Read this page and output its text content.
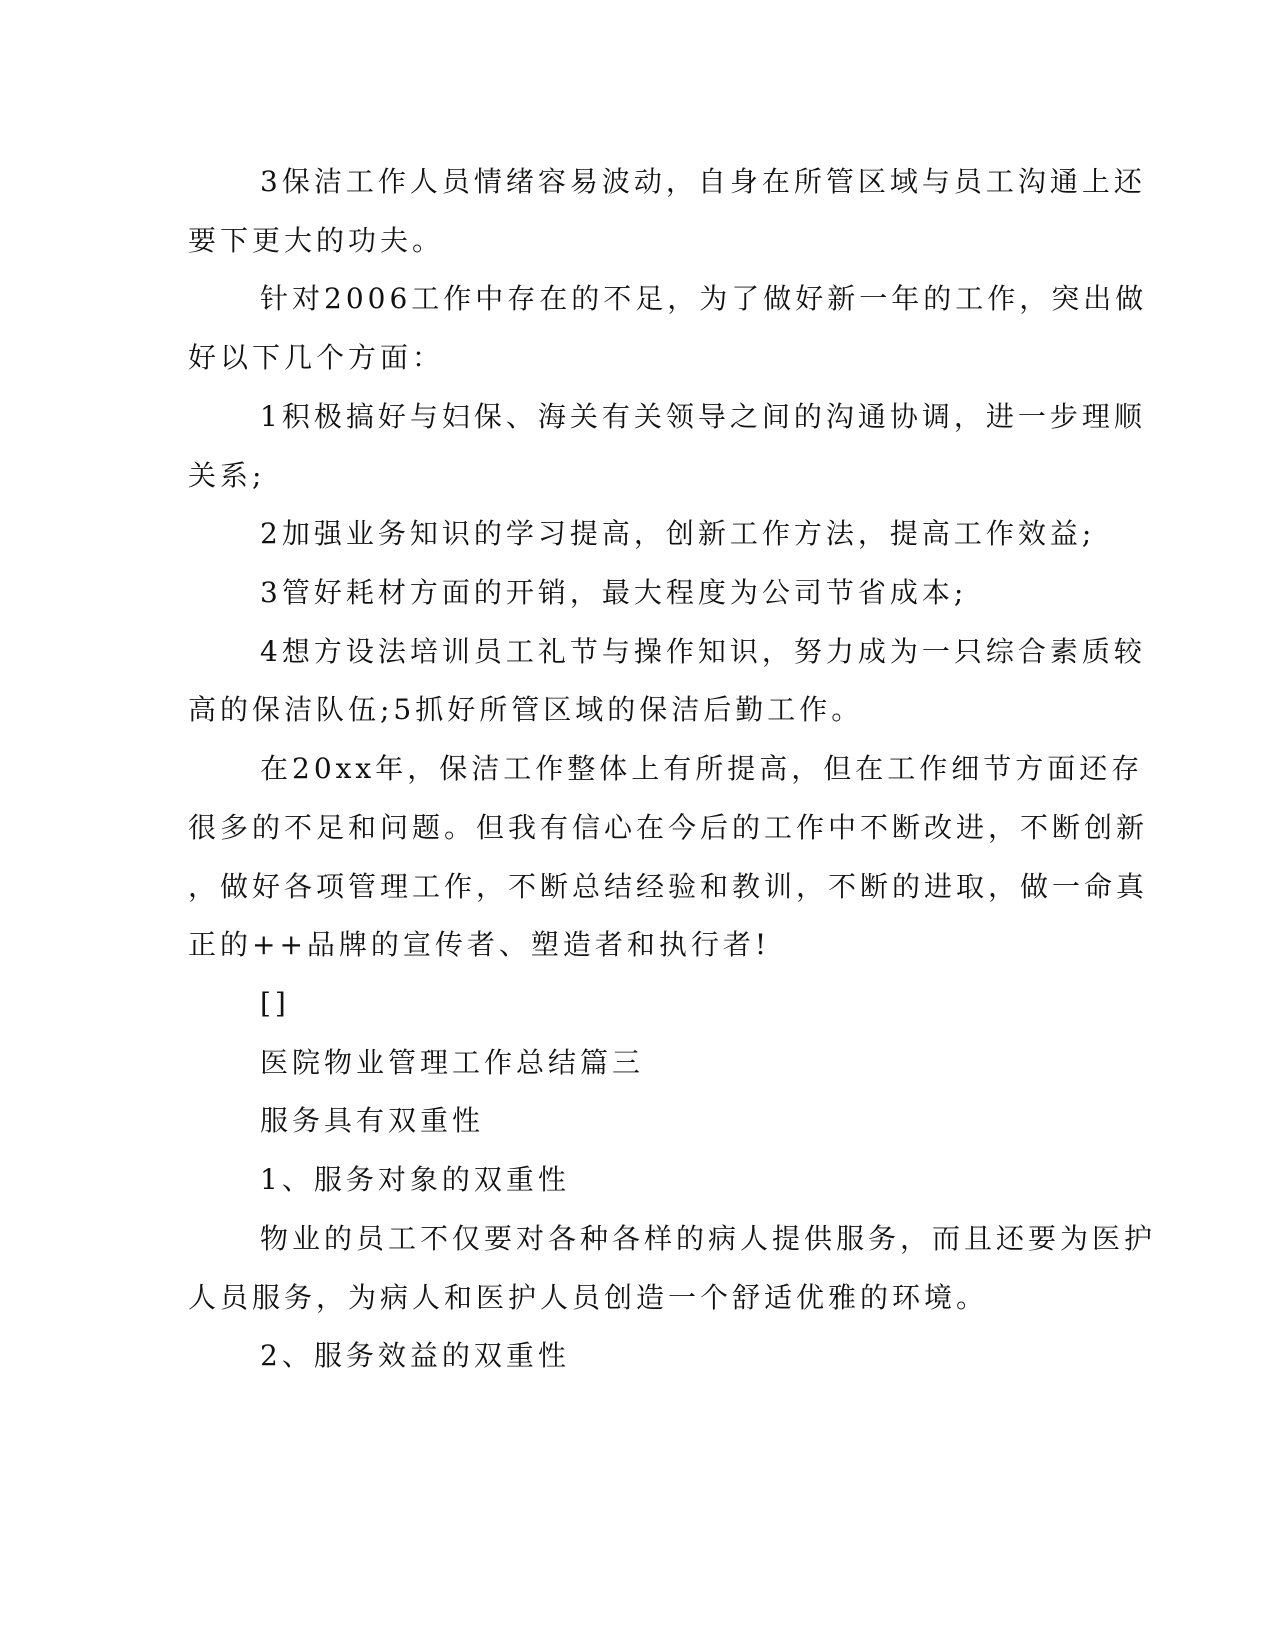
3保洁工作人员情绪容易波动，自身在所管区域与员工沟通上还

要下更大的功夫。

针对2006工作中存在的不足，为了做好新一年的工作，突出做

好以下几个方面：

1积极搞好与妇保、海关有关领导之间的沟通协调，进一步理顺

关系;

2加强业务知识的学习提高，创新工作方法，提高工作效益;

3管好耗材方面的开销，最大程度为公司节省成本;

4想方设法培训员工礼节与操作知识，努力成为一只综合素质较

高的保洁队伍;5抓好所管区域的保洁后勤工作。

在20xx年，保洁工作整体上有所提高，但在工作细节方面还存

很多的不足和问题。但我有信心在今后的工作中不断改进，不断创新

，做好各项管理工作，不断总结经验和教训，不断的进取，做一命真

正的++品牌的宣传者、塑造者和执行者!

[]

医院物业管理工作总结篇三

服务具有双重性

1、服务对象的双重性

物业的员工不仅要对各种各样的病人提供服务，而且还要为医护

人员服务，为病人和医护人员创造一个舒适优雅的环境。

2、服务效益的双重性
